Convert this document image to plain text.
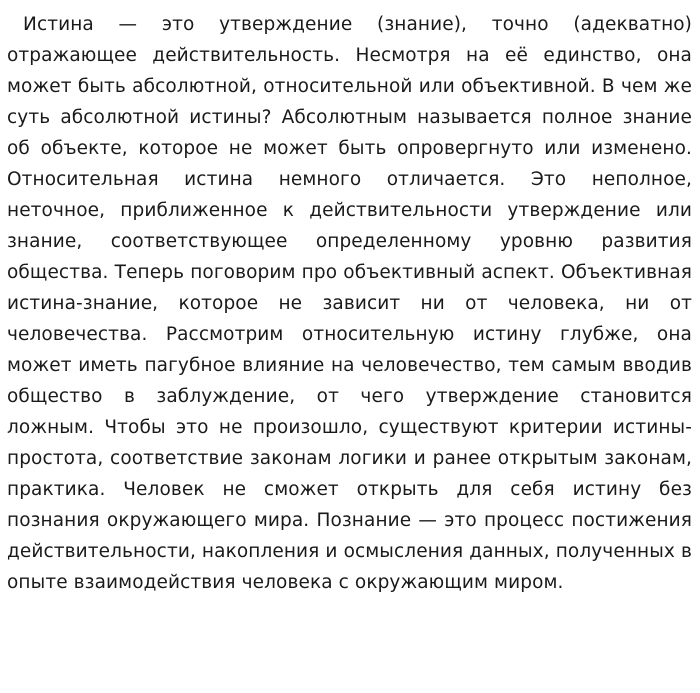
Истина — это утверждение (знание), точно (адекватно) отражающее действительность. Несмотря на её единство, она может быть абсолютной, относительной или объективной. В чем же суть абсолютной истины? Абсолютным называется полное знание об объекте, которое не может быть опровергнуто или изменено. Относительная истина немного отличается. Это неполное, неточное, приближенное к действительности утверждение или знание, соответствующее определенному уровню развития общества. Теперь поговорим про объективный аспект. Объективная истина-знание, которое не зависит ни от человека, ни от человечества. Рассмотрим относительную истину глубже, она может иметь пагубное влияние на человечество, тем самым вводив общество в заблуждение, от чего утверждение становится ложным. Чтобы это не произошло, существуют критерии истины-простота, соответствие законам логики и ранее открытым законам, практика. Человек не сможет открыть для себя истину без познания окружающего мира. Познание — это процесс постижения действительности, накопления и осмысления данных, полученных в опыте взаимодействия человека с окружающим миром.
